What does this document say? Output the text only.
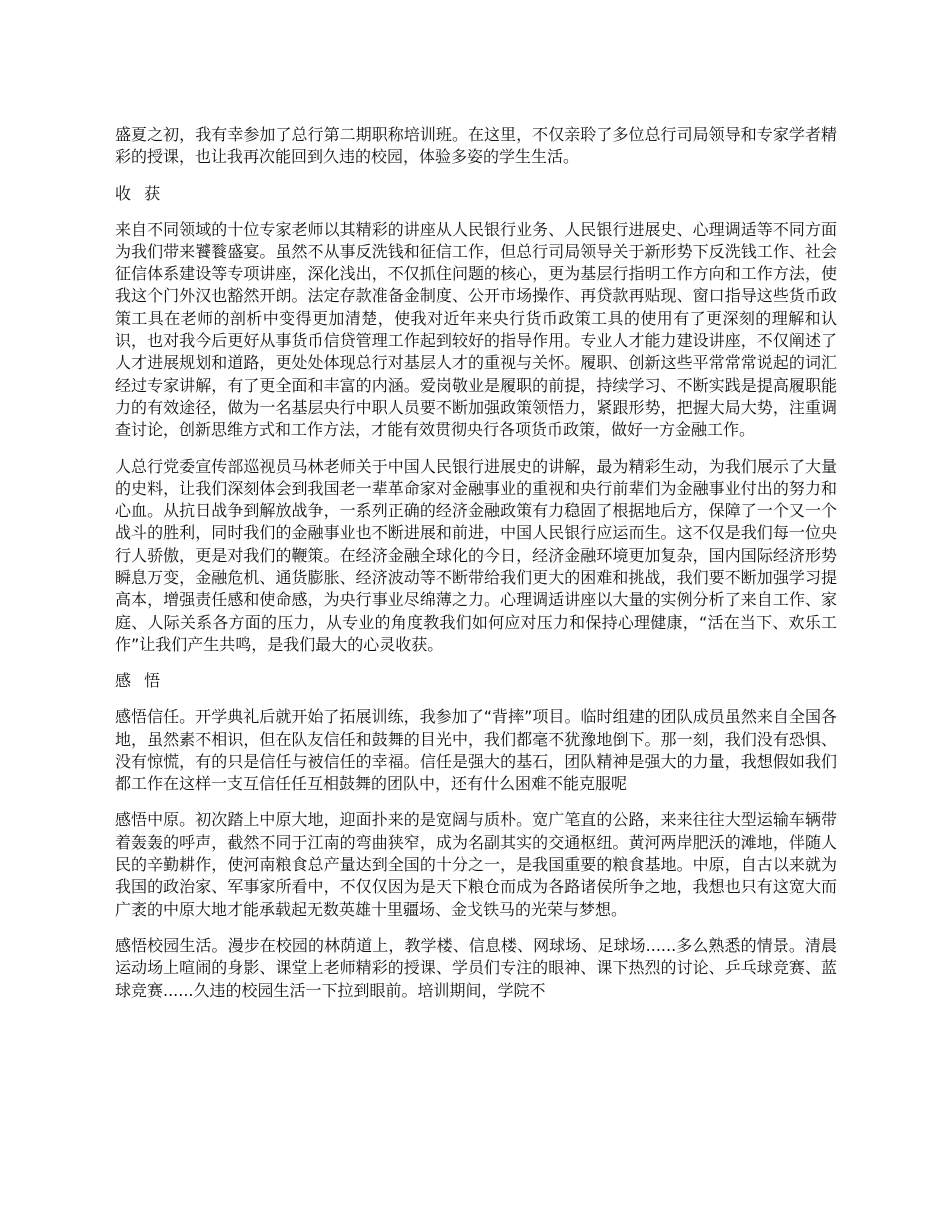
盛夏之初，我有幸参加了总行第二期职称培训班。在这里，不仅亲聆了多位总行司局领导和专家学者精彩的授课，也让我再次能回到久违的校园，体验多姿的学生生活。

收 获

来自不同领域的十位专家老师以其精彩的讲座从人民银行业务、人民银行进展史、心理调适等不同方面为我们带来饕餮盛宴。虽然不从事反洗钱和征信工作，但总行司局领导关于新形势下反洗钱工作、社会征信体系建设等专项讲座，深化浅出，不仅抓住问题的核心，更为基层行指明工作方向和工作方法，使我这个门外汉也豁然开朗。法定存款准备金制度、公开市场操作、再贷款再贴现、窗口指导这些货币政策工具在老师的剖析中变得更加清楚，使我对近年来央行货币政策工具的使用有了更深刻的理解和认识，也对我今后更好从事货币信贷管理工作起到较好的指导作用。专业人才能力建设讲座，不仅阐述了人才进展规划和道路，更处处体现总行对基层人才的重视与关怀。履职、创新这些平常常常说起的词汇经过专家讲解，有了更全面和丰富的内涵。爱岗敬业是履职的前提，持续学习、不断实践是提高履职能力的有效途径，做为一名基层央行中职人员要不断加强政策领悟力，紧跟形势，把握大局大势，注重调查讨论，创新思维方式和工作方法，才能有效贯彻央行各项货币政策，做好一方金融工作。

人总行党委宣传部巡视员马林老师关于中国人民银行进展史的讲解，最为精彩生动，为我们展示了大量的史料，让我们深刻体会到我国老一辈革命家对金融事业的重视和央行前辈们为金融事业付出的努力和心血。从抗日战争到解放战争，一系列正确的经济金融政策有力稳固了根据地后方，保障了一个又一个战斗的胜利，同时我们的金融事业也不断进展和前进，中国人民银行应运而生。这不仅是我们每一位央行人骄傲，更是对我们的鞭策。在经济金融全球化的今日，经济金融环境更加复杂，国内国际经济形势瞬息万变，金融危机、通货膨胀、经济波动等不断带给我们更大的困难和挑战，我们要不断加强学习提高本，增强责任感和使命感，为央行事业尽绵薄之力。心理调适讲座以大量的实例分析了来自工作、家庭、人际关系各方面的压力，从专业的角度教我们如何应对压力和保持心理健康，“活在当下、欢乐工作”让我们产生共鸣，是我们最大的心灵收获。

感 悟

感悟信任。开学典礼后就开始了拓展训练，我参加了“背摔”项目。临时组建的团队成员虽然来自全国各地，虽然素不相识，但在队友信任和鼓舞的目光中，我们都毫不犹豫地倒下。那一刻，我们没有恐惧、没有惊慌，有的只是信任与被信任的幸福。信任是强大的基石，团队精神是强大的力量，我想假如我们都工作在这样一支互信任任互相鼓舞的团队中，还有什么困难不能克服呢

感悟中原。初次踏上中原大地，迎面扑来的是宽阔与质朴。宽广笔直的公路，来来往往大型运输车辆带着轰轰的呼声，截然不同于江南的弯曲狭窄，成为名副其实的交通枢纽。黄河两岸肥沃的滩地，伴随人民的辛勤耕作，使河南粮食总产量达到全国的十分之一，是我国重要的粮食基地。中原，自古以来就为我国的政治家、军事家所看中，不仅仅因为是天下粮仓而成为各路诸侯所争之地，我想也只有这宽大而广袤的中原大地才能承载起无数英雄十里疆场、金戈铁马的光荣与梦想。

感悟校园生活。漫步在校园的林荫道上，教学楼、信息楼、网球场、足球场......多么熟悉的情景。清晨运动场上喧闹的身影、课堂上老师精彩的授课、学员们专注的眼神、课下热烈的讨论、乒乓球竞赛、蓝球竞赛......久违的校园生活一下拉到眼前。培训期间，学院不
